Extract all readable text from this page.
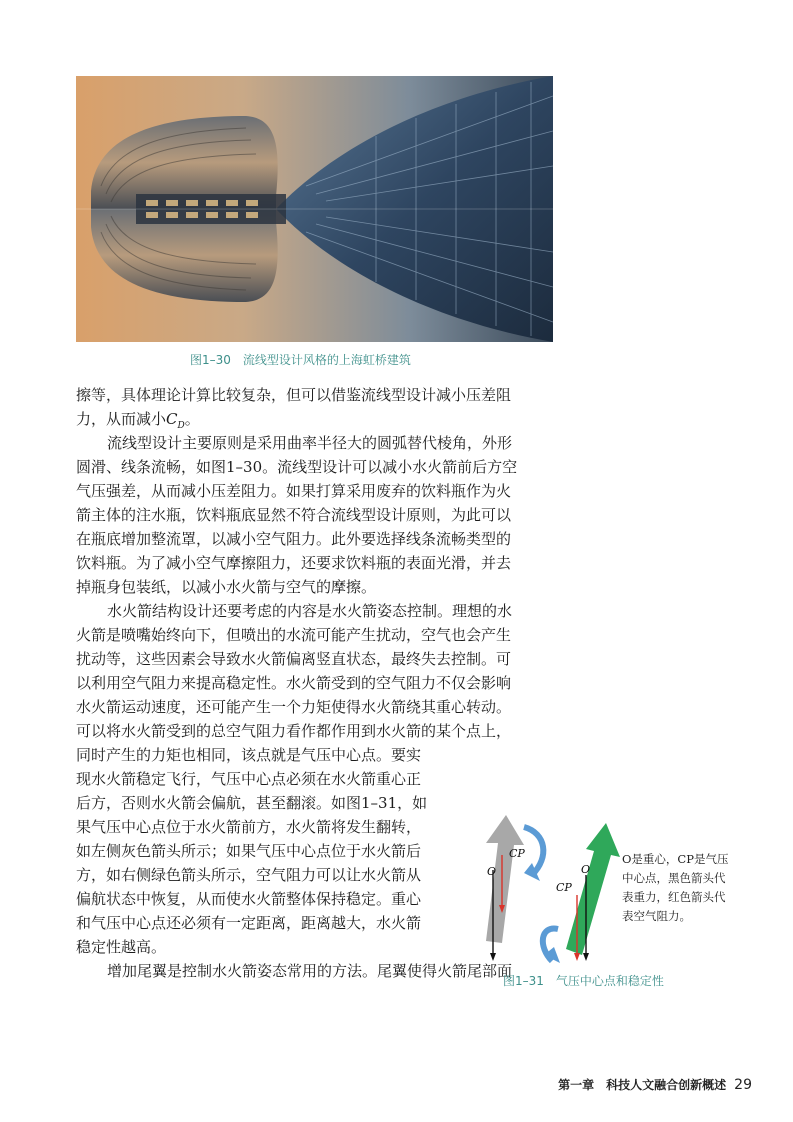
图1–30　流线型设计风格的上海虹桥建筑
擦等，具体理论计算比较复杂，但可以借鉴流线型设计减小压差阻
力，从而减小$C_D$。
流线型设计主要原则是采用曲率半径大的圆弧替代棱角，外形
圆滑、线条流畅，如图1–30。流线型设计可以减小水火箭前后方空
气压强差，从而减小压差阻力。如果打算采用废弃的饮料瓶作为火
箭主体的注水瓶，饮料瓶底显然不符合流线型设计原则，为此可以
在瓶底增加整流罩，以减小空气阻力。此外要选择线条流畅类型的
饮料瓶。为了减小空气摩擦阻力，还要求饮料瓶的表面光滑，并去
掉瓶身包装纸，以减小水火箭与空气的摩擦。
水火箭结构设计还要考虑的内容是水火箭姿态控制。理想的水
火箭是喷嘴始终向下，但喷出的水流可能产生扰动，空气也会产生
扰动等，这些因素会导致水火箭偏离竖直状态，最终失去控制。可
以利用空气阻力来提高稳定性。水火箭受到的空气阻力不仅会影响
水火箭运动速度，还可能产生一个力矩使得水火箭绕其重心转动。
可以将水火箭受到的总空气阻力看作都作用到水火箭的某个点上，
同时产生的力矩也相同，该点就是气压中心点。要实
现水火箭稳定飞行，气压中心点必须在水火箭重心正
后方，否则水火箭会偏航，甚至翻滚。如图1–31，如
果气压中心点位于水火箭前方，水火箭将发生翻转，
如左侧灰色箭头所示；如果气压中心点位于水火箭后
方，如右侧绿色箭头所示，空气阻力可以让水火箭从
偏航状态中恢复，从而使水火箭整体保持稳定。重心
和气压中心点还必须有一定距离，距离越大，水火箭
稳定性越高。
增加尾翼是控制水火箭姿态常用的方法。尾翼使得火箭尾部面
O
CP
O
CP
O是重心，CP是气压中心点，黑色箭头代表重力，红色箭头代表空气阻力。
图1–31　气压中心点和稳定性
第一章　科技人文融合创新概述 29
